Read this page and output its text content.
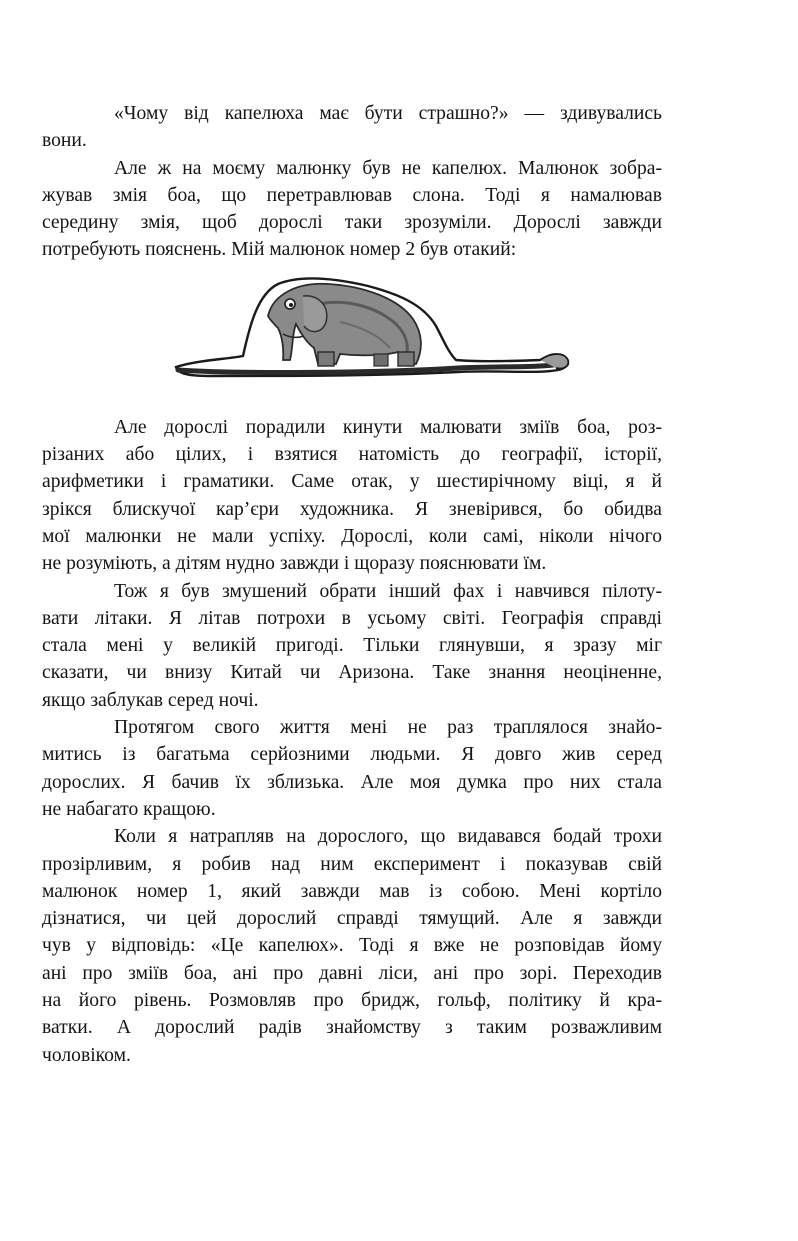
«Чому від капелюха має бути страшно?» — здивувались
вони.

Але ж на моєму малюнку був не капелюх. Малюнок зобра-
жував змія боа, що перетравлював слона. Тоді я намалював
середину змія, щоб дорослі таки зрозуміли. Дорослі завжди
потребують пояснень. Мій малюнок номер 2 був отакий:

Але дорослі порадили кинути малювати змiїв боа, роз-
різаних або цілих, і взятися натомість до географії, історії,
арифметики і граматики. Саме отак, у шестирічному віці, я й
зрікся блискучої кар’єри художника. Я зневірився, бо обидва
мої малюнки не мали успіху. Дорослі, коли самі, ніколи нічого
не розуміють, а дітям нудно завжди і щоразу пояснювати їм.

Тож я був змушений обрати інший фах і навчився пілоту-
вати літаки. Я літав потрохи в усьому світі. Географія справді
стала мені у великій пригоді. Тільки глянувши, я зразу міг
сказати, чи внизу Китай чи Аризона. Таке знання неоціненне,
якщо заблукав серед ночі.

Протягом свого життя мені не раз траплялося знайо-
митись із багатьма серйозними людьми. Я довго жив серед
дорослих. Я бачив їх зблизька. Але моя думка про них стала
не набагато кращою.

Коли я натрапляв на дорослого, що видавався бодай трохи
прозірливим, я робив над ним експеримент і показував свій
малюнок номер 1, який завжди мав із собою. Мені кортіло
дізнатися, чи цей дорослий справді тямущий. Але я завжди
чув у відповідь: «Це капелюх». Тоді я вже не розповідав йому
ані про змiїв боа, ані про давні ліси, ані про зорі. Переходив
на його рівень. Розмовляв про бридж, гольф, політику й кра-
ватки. А дорослий радів знайомству з таким розважливим
чоловіком.
